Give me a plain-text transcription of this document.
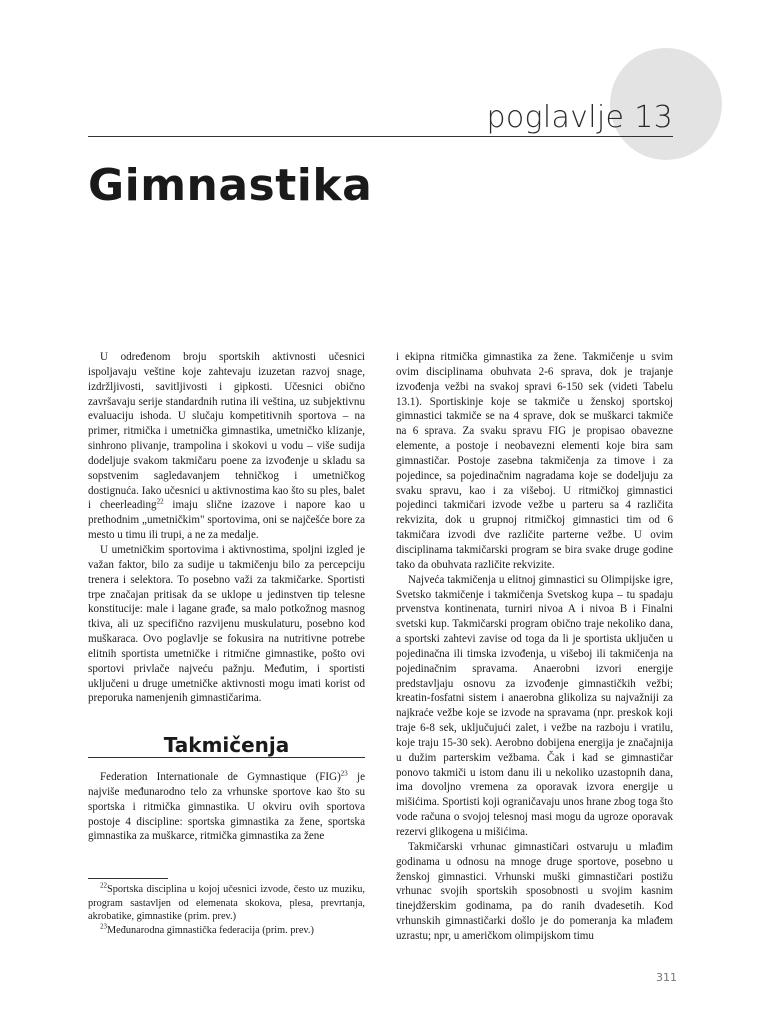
poglavlje 13
Gimnastika

U određenom broju sportskih aktivnosti učesnici ispoljavaju veštine koje zahtevaju izuzetan razvoj snage, izdržljivosti, savitljivosti i gipkosti. Učesnici obično završavaju serije standardnih rutina ili veština, uz subjektivnu evaluaciju ishoda. U slučaju kompetitivnih sportova – na primer, ritmička i umetnička gimnastika, umetničko klizanje, sinhrono plivanje, trampolina i skokovi u vodu – više sudija dodeljuje svakom takmičaru poene za izvođenje u skladu sa sopstvenim sagledavanjem tehničkog i umetničkog dostignuća. Iako učesnici u aktivnostima kao što su ples, balet i cheerleading$^{22}$ imaju slične izazove i napore kao u prethodnim „umetničkim" sportovima, oni se najčešće bore za mesto u timu ili trupi, a ne za medalje.

U umetničkim sportovima i aktivnostima, spoljni izgled je važan faktor, bilo za sudije u takmičenju bilo za percepciju trenera i selektora. To posebno važi za takmičarke. Sportisti trpe značajan pritisak da se uklope u jedinstven tip telesne konstitucije: male i lagane građe, sa malo potkožnog masnog tkiva, ali uz specifično razvijenu muskulaturu, posebno kod muškaraca. Ovo poglavlje se fokusira na nutritivne potrebe elitnih sportista umetničke i ritmične gimnastike, pošto ovi sportovi privlače najveću pažnju. Međutim, i sportisti uključeni u druge umetničke aktivnosti mogu imati korist od preporuka namenjenih gimnastičarima.

Takmičenja

Federation Internationale de Gymnastique (FIG)$^{23}$ je najviše međunarodno telo za vrhunske sportove kao što su sportska i ritmička gimnastika. U okviru ovih sportova postoje 4 discipline: sportska gimnastika za žene, sportska gimnastika za muškarce, ritmička gimnastika za žene

i ekipna ritmička gimnastika za žene. Takmičenje u svim ovim disciplinama obuhvata 2-6 sprava, dok je trajanje izvođenja vežbi na svakoj spravi 6-150 sek (videti Tabelu 13.1). Sportiskinje koje se takmiče u ženskoj sportskoj gimnastici takmiče se na 4 sprave, dok se muškarci takmiče na 6 sprava. Za svaku spravu FIG je propisao obavezne elemente, a postoje i neobavezni elementi koje bira sam gimnastičar. Postoje zasebna takmičenja za timove i za pojedince, sa pojedinačnim nagradama koje se dodeljuju za svaku spravu, kao i za višeboj. U ritmičkoj gimnastici pojedinci takmičari izvode vežbe u parteru sa 4 različita rekvizita, dok u grupnoj ritmičkoj gimnastici tim od 6 takmičara izvodi dve različite parterne vežbe. U ovim disciplinama takmičarski program se bira svake druge godine tako da obuhvata različite rekvizite.

Najveća takmičenja u elitnoj gimnastici su Olimpijske igre, Svetsko takmičenje i takmičenja Svetskog kupa – tu spadaju prvenstva kontinenata, turniri nivoa A i nivoa B i Finalni svetski kup. Takmičarski program obično traje nekoliko dana, a sportski zahtevi zavise od toga da li je sportista uključen u pojedinačna ili timska izvođenja, u višeboj ili takmičenja na pojedinačnim spravama. Anaerobni izvori energije predstavljaju osnovu za izvođenje gimnastičkih vežbi; kreatin-fosfatni sistem i anaerobna glikoliza su najvažniji za najkraće vežbe koje se izvode na spravama (npr. preskok koji traje 6-8 sek, uključujući zalet, i vežbe na razboju i vratilu, koje traju 15-30 sek). Aerobno dobijena energija je značajnija u dužim parterskim vežbama. Čak i kad se gimnastičar ponovo takmiči u istom danu ili u nekoliko uzastopnih dana, ima dovoljno vremena za oporavak izvora energije u mišićima. Sportisti koji ograničavaju unos hrane zbog toga što vode računa o svojoj telesnoj masi mogu da ugroze oporavak rezervi glikogena u mišićima.

Takmičarski vrhunac gimnastičari ostvaruju u mlađim godinama u odnosu na mnoge druge sportove, posebno u ženskoj gimnastici. Vrhunski muški gimnastičari postižu vrhunac svojih sportskih sposobnosti u svojim kasnim tinejdžerskim godinama, pa do ranih dvadesetih. Kod vrhunskih gimnastičarki došlo je do pomeranja ka mlađem uzrastu; npr, u američkom olimpijskom timu

$^{22}$Sportska disciplina u kojoj učesnici izvode, često uz muziku, program sastavljen od elemenata skokova, plesa, prevrtanja, akrobatike, gimnastike (prim. prev.)

$^{23}$Međunarodna gimnastička federacija (prim. prev.)

311
